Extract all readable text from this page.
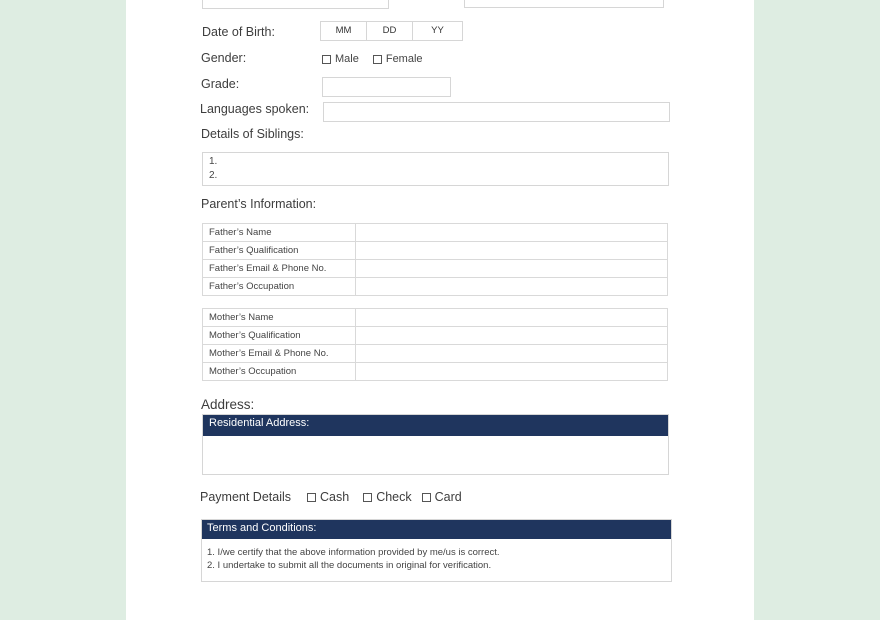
Date of Birth:	MM	DD	YY
Gender:	Male Female
Grade:
Languages spoken:
Details of Siblings:
1.
2.
Parent’s Information:
Father’s Name	
Father’s Qualification	
Father’s Email & Phone No.	
Father’s Occupation	
Mother’s Name	
Mother’s Qualification	
Mother’s Email & Phone No.	
Mother’s Occupation	
Address:
Residential Address:
Payment Details Cash Check Card
Terms and Conditions:
1. I/we certify that the above information provided by me/us is correct.
2. I undertake to submit all the documents in original for verification.
